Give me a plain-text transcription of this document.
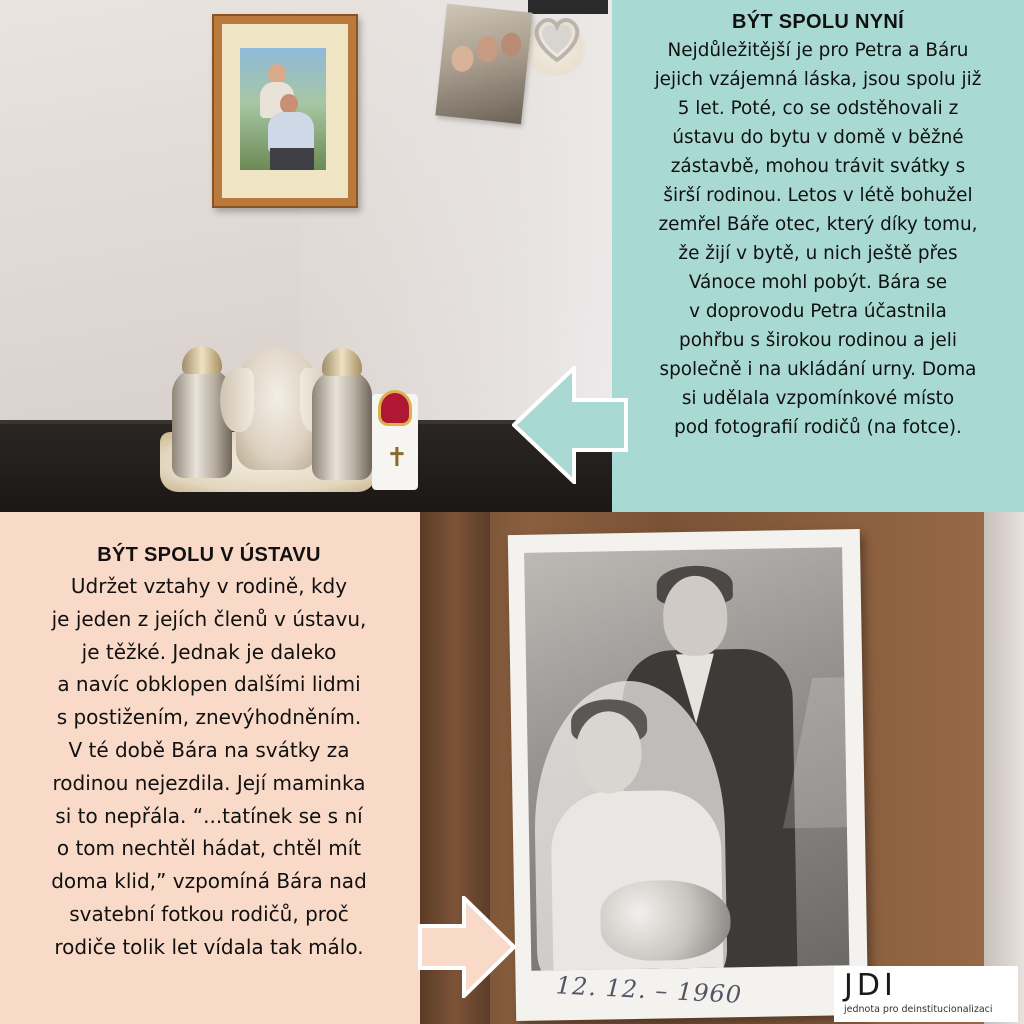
✝
BÝT SPOLU NYNÍ
Nejdůležitější je pro Petra a Báru
jejich vzájemná láska, jsou spolu již
5 let. Poté, co se odstěhovali z
ústavu do bytu v domě v běžné
zástavbě, mohou trávit svátky s
širší rodinou. Letos v létě bohužel
zemřel Báře otec, který díky tomu,
že žijí v bytě, u nich ještě přes
Vánoce mohl pobýt. Bára se
v doprovodu Petra účastnila
pohřbu s širokou rodinou a jeli
společně i na ukládání urny. Doma
si udělala vzpomínkové místo
pod fotografií rodičů (na fotce).
BÝT SPOLU V ÚSTAVU
Udržet vztahy v rodině, kdy
je jeden z jejích členů v ústavu,
je těžké. Jednak je daleko
a navíc obklopen dalšími lidmi
s postižením, znevýhodněním.
V té době Bára na svátky za
rodinou nejezdila. Její maminka
si to nepřála. “...tatínek se s ní
o tom nechtěl hádat, chtěl mít
doma klid,” vzpomíná Bára nad
svatební fotkou rodičů, proč
rodiče tolik let vídala tak málo.
12. 12. – 1960	JDI
jednota pro deinstitucionalizaci
